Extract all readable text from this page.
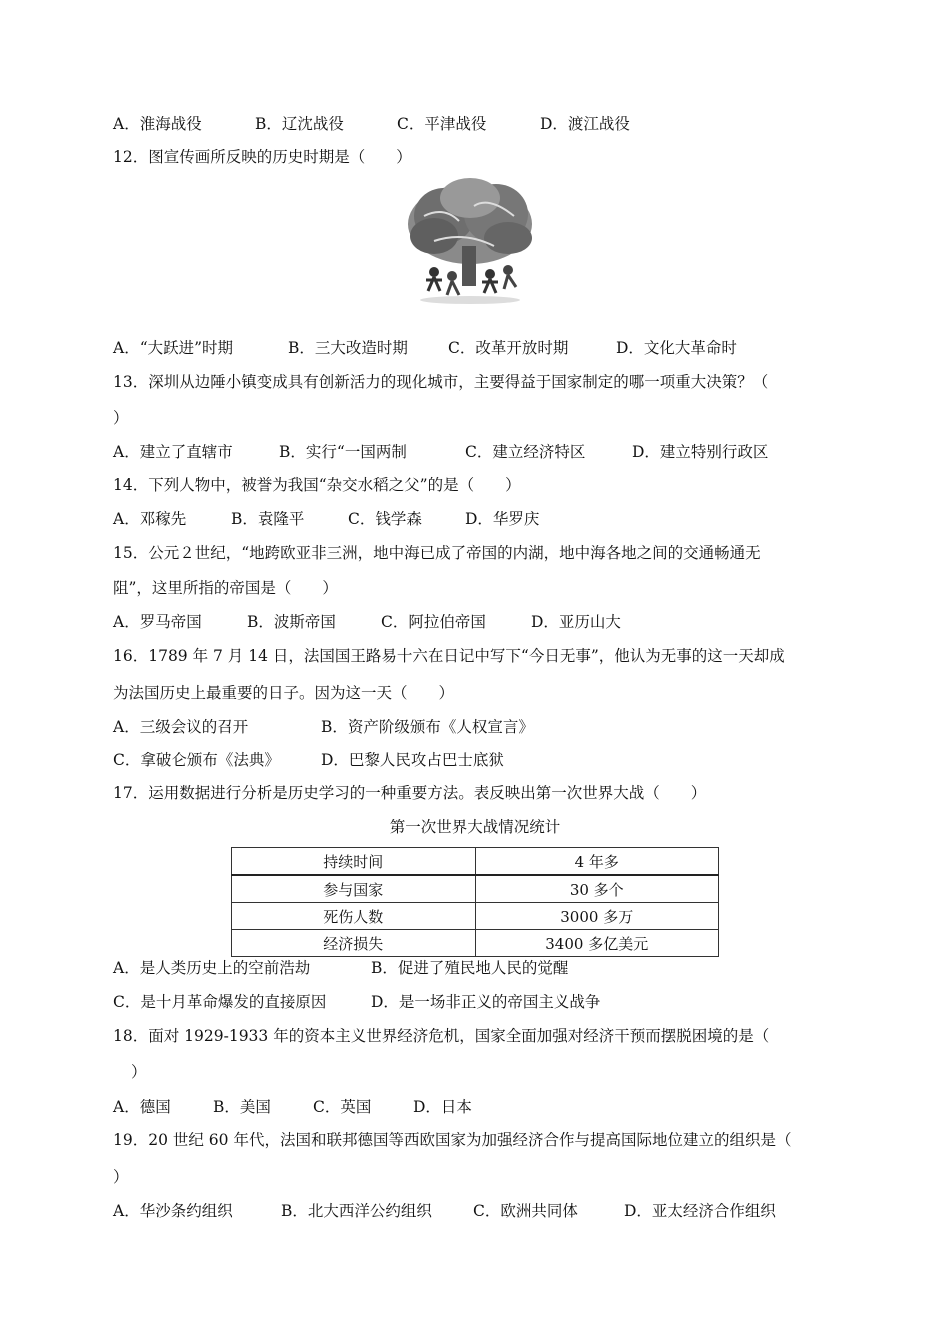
A．淮海战役	B．辽沈战役	C．平津战役	D．渡江战役
12．图宣传画所反映的历史时期是（　　）
A．“大跃进”时期	B．三大改造时期	C．改革开放时期	D．文化大革命时
13．深圳从边陲小镇变成具有创新活力的现化城市，主要得益于国家制定的哪一项重大决策？（
）
A．建立了直辖市	B．实行“一国两制	C．建立经济特区	D．建立特别行政区
14．下列人物中，被誉为我国“杂交水稻之父”的是（　　）
A．邓稼先	B．袁隆平	C．钱学森	D．华罗庆
15．公元２世纪，“地跨欧亚非三洲，地中海已成了帝国的内湖，地中海各地之间的交通畅通无
阻”，这里所指的帝国是（　　）
A．罗马帝国	B．波斯帝国	C．阿拉伯帝国	D．亚历山大
16．1789 年 7 月 14 日，法国国王路易十六在日记中写下“今日无事”，他认为无事的这一天却成
为法国历史上最重要的日子。因为这一天（　　）
A．三级会议的召开	B．资产阶级颁布《人权宣言》
C．拿破仑颁布《法典》	D．巴黎人民攻占巴士底狱
17．运用数据进行分析是历史学习的一种重要方法。表反映出第一次世界大战（　　）
第一次世界大战情况统计
持续时间	4 年多
参与国家	30 多个
死伤人数	3000 多万
经济损失	3400 多亿美元
A．是人类历史上的空前浩劫	B．促进了殖民地人民的觉醒
C．是十月革命爆发的直接原因	D．是一场非正义的帝国主义战争
18．面对 1929-1933 年的资本主义世界经济危机，国家全面加强对经济干预而摆脱困境的是（
）
A．德国	B．美国	C．英国	D．日本
19．20 世纪 60 年代，法国和联邦德国等西欧国家为加强经济合作与提高国际地位建立的组织是（
）
A．华沙条约组织	B．北大西洋公约组织	C．欧洲共同体	D．亚太经济合作组织
